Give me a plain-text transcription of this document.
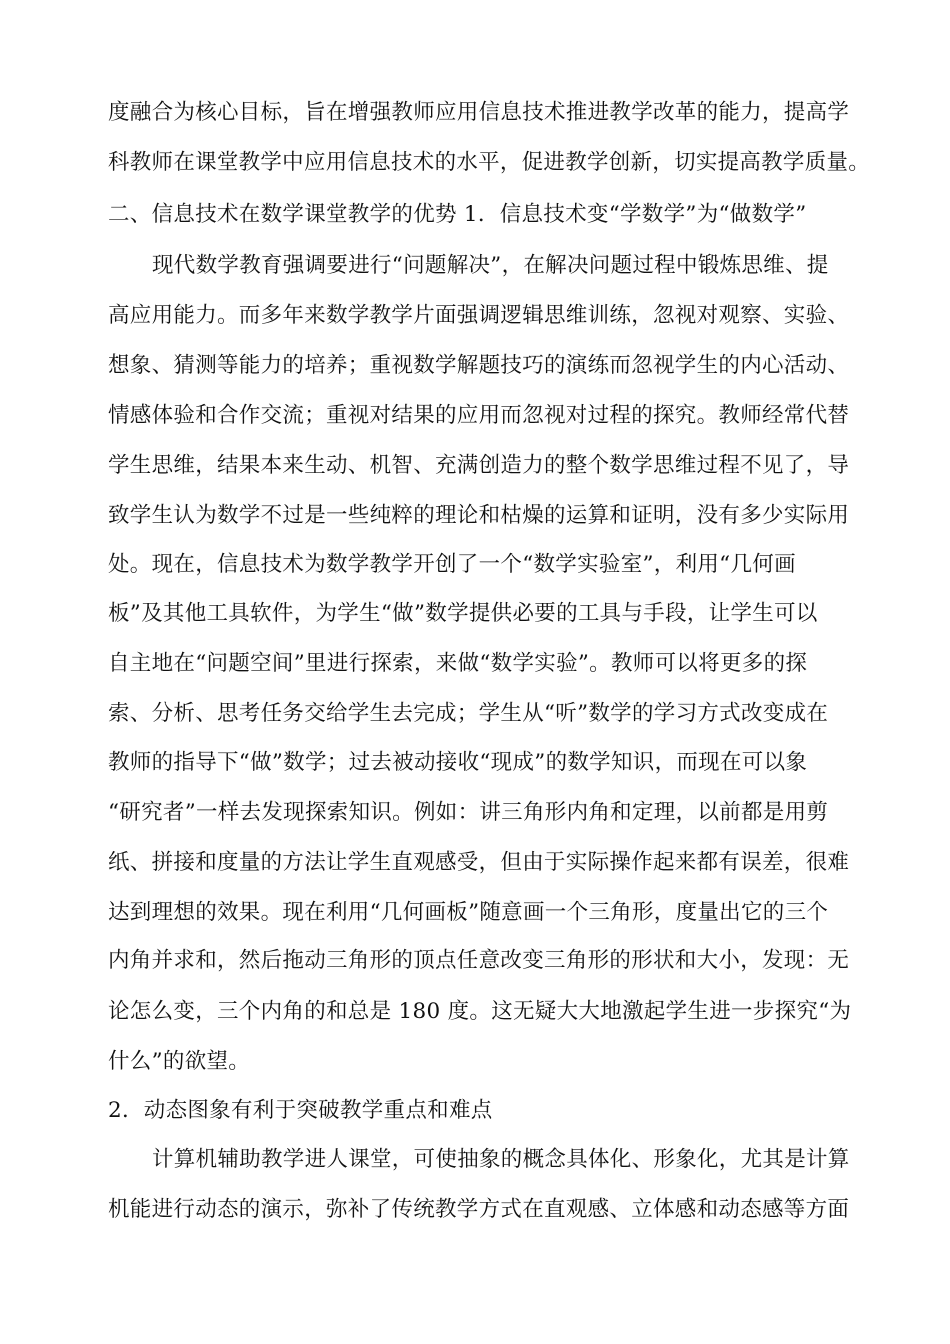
度融合为核心目标，旨在增强教师应用信息技术推进教学改革的能力，提高学
科教师在课堂教学中应用信息技术的水平，促进教学创新，切实提高教学质量。
二、信息技术在数学课堂教学的优势 1．信息技术变“学数学”为“做数学”
现代数学教育强调要进行“问题解决”，在解决问题过程中锻炼思维、提
高应用能力。而多年来数学教学片面强调逻辑思维训练，忽视对观察、实验、
想象、猜测等能力的培养；重视数学解题技巧的演练而忽视学生的内心活动、
情感体验和合作交流；重视对结果的应用而忽视对过程的探究。教师经常代替
学生思维，结果本来生动、机智、充满创造力的整个数学思维过程不见了，导
致学生认为数学不过是一些纯粹的理论和枯燥的运算和证明，没有多少实际用
处。现在，信息技术为数学教学开创了一个“数学实验室”，利用“几何画
板”及其他工具软件，为学生“做”数学提供必要的工具与手段，让学生可以
自主地在“问题空间”里进行探索，来做“数学实验”。教师可以将更多的探
索、分析、思考任务交给学生去完成；学生从“听”数学的学习方式改变成在
教师的指导下“做”数学；过去被动接收“现成”的数学知识，而现在可以象
“研究者”一样去发现探索知识。例如：讲三角形内角和定理，以前都是用剪
纸、拼接和度量的方法让学生直观感受，但由于实际操作起来都有误差，很难
达到理想的效果。现在利用“几何画板”随意画一个三角形，度量出它的三个
内角并求和，然后拖动三角形的顶点任意改变三角形的形状和大小，发现：无
论怎么变，三个内角的和总是 180 度。这无疑大大地激起学生进一步探究“为
什么”的欲望。
2．动态图象有利于突破教学重点和难点
计算机辅助教学进人课堂，可使抽象的概念具体化、形象化，尤其是计算
机能进行动态的演示，弥补了传统教学方式在直观感、立体感和动态感等方面
